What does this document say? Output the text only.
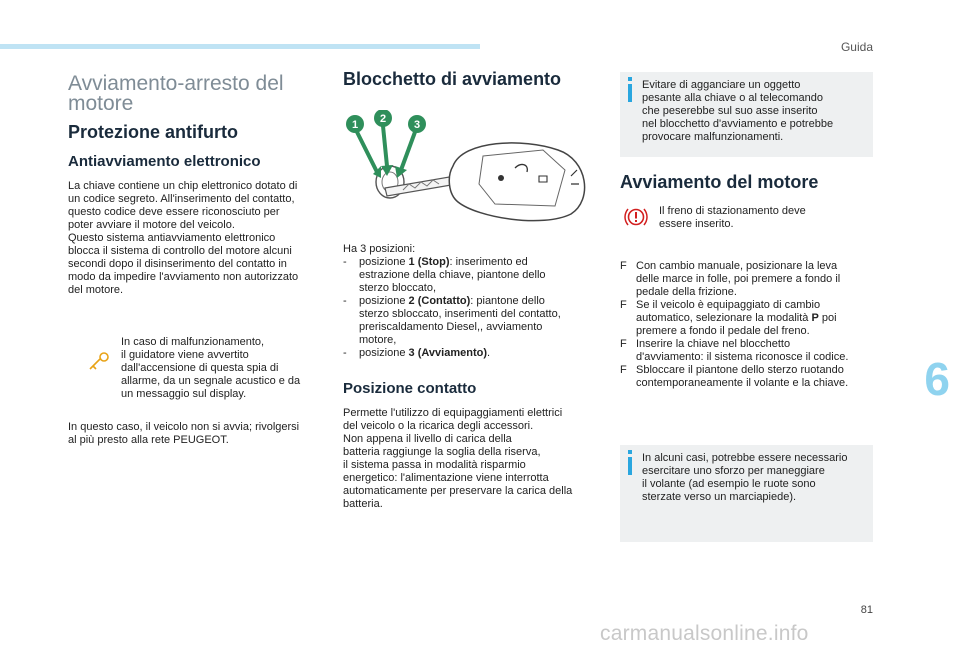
Guida
6
81
carmanualsonline.info
Avviamento-arresto del
motore
Protezione antifurto
Antiavviamento elettronico

La chiave contiene un chip elettronico dotato di

un codice segreto. All'inserimento del contatto,

questo codice deve essere riconosciuto per

poter avviare il motore del veicolo.

Questo sistema antiavviamento elettronico

blocca il sistema di controllo del motore alcuni

secondi dopo il disinserimento del contatto in

modo da impedire l'avviamento non autorizzato

del motore.

In caso di malfunzionamento,

il guidatore viene avvertito

dall'accensione di questa spia di

allarme, da un segnale acustico e da

un messaggio sul display.

In questo caso, il veicolo non si avvia; rivolgersi

al più presto alla rete PEUGEOT.

Blocchetto di avviamento
1 2	3

Ha 3 posizioni:

- posizione 1 (Stop): inserimento ed
estrazione della chiave, piantone dello
sterzo bloccato,
- posizione 2 (Contatto): piantone dello
sterzo sbloccato, inserimenti del contatto,
preriscaldamento Diesel,, avviamento
motore,
- posizione 3 (Avviamento).
Posizione contatto

Permette l'utilizzo di equipaggiamenti elettrici

del veicolo o la ricarica degli accessori.

Non appena il livello di carica della

batteria raggiunge la soglia della riserva,

il sistema passa in modalità risparmio

energetico: l'alimentazione viene interrotta

automaticamente per preservare la carica della

batteria.

Evitare di agganciare un oggetto

pesante alla chiave o al telecomando

che peserebbe sul suo asse inserito

nel blocchetto d'avviamento e potrebbe

provocare malfunzionamenti.

Avviamento del motore

Il freno di stazionamento deve

essere inserito.

F Con cambio manuale, posizionare la leva
delle marce in folle, poi premere a fondo il
pedale della frizione.
F Se il veicolo è equipaggiato di cambio
automatico, selezionare la modalità P poi
premere a fondo il pedale del freno.
F Inserire la chiave nel blocchetto
d'avviamento: il sistema riconosce il codice.
F Sbloccare il piantone dello sterzo ruotando
contemporaneamente il volante e la chiave.

In alcuni casi, potrebbe essere necessario

esercitare uno sforzo per maneggiare

il volante (ad esempio le ruote sono

sterzate verso un marciapiede).
